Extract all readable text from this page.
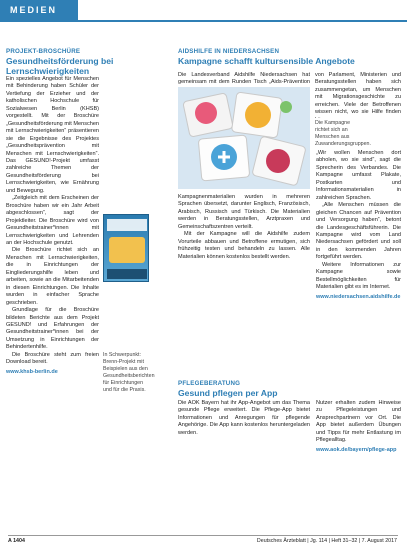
MEDIEN
PROJEKT-BROSCHÜRE
Gesundheitsförderung bei Lernschwierigkeiten

Ein spezielles Angebot für Menschen mit Behinderung haben Schüler der Vertiefung der Erzieher und der katholischen Hochschule für Sozialwesen Berlin (KHSB) vorgestellt. Mit der Broschüre „Gesundheitsförderung mit Menschen mit Lernschwierigkeiten“ präsentieren sie die Ergebnisse des Projektes „Gesundheitsprävention mit Menschen mit Lernschwierigkeiten“. Das GESUND!-Projekt umfasst zahlreiche Themen der Gesundheitsförderung bei Lernschwierigkeiten, wie Ernährung und Bewegung.

„Zeitgleich mit dem Erscheinen der Broschüre haben wir ein Jahr Arbeit abgeschlossen“, sagt der Projektleiter. Die Broschüre wird von Gesundheitstrainer*innen mit Lernschwierigkeiten und Lehrenden an der Hochschule genutzt.

Die Broschüre richtet sich an Menschen mit Lernschwierigkeiten, die in Einrichtungen der Eingliederungshilfe leben und arbeiten, sowie an die Mitarbeitenden in diesen Einrichtungen. Die Inhalte wurden in einfacher Sprache geschrieben.

Grundlage für die Broschüre bildeten Berichte aus dem Projekt GESUND! und Erfahrungen der Gesundheitstrainer*innen bei der Umsetzung in Einrichtungen der Behindertenhilfe.

Die Broschüre steht zum freien Download bereit.

www.khsb-berlin.de
In Schwerpunkt: Brenn-Projekt mit Beispielen aus den Gesundheitsberichten für Einrichtungen und für die Praxis.
AIDSHILFE IN NIEDERSACHSEN
Kampagne schafft kultursensible Angebote

Die Landesverband Aidshilfe Niedersachsen hat gemeinsam mit dem Runden Tisch „Aids-Prävention

Die Kampagne richtet sich an Menschen aus Zuwanderungsgruppen.

von Parlament, Ministerien und Beratungsstellen haben sich zusammengetan, um Menschen mit Migrationsgeschichte zu erreichen. Viele der Betroffenen wissen nicht, wo sie Hilfe finden

„Wir wollen Menschen dort abholen, wo sie sind“, sagt die Sprecherin des Verbandes. Die Kampagne umfasst Plakate, Postkarten und Informationsmaterialien in zahlreichen Sprachen.

„Alle Menschen müssen die gleichen Chancen auf Prävention und Versorgung haben“, betont die Landesgeschäftsführerin. Die Kampagne wird vom Land Niedersachsen gefördert und soll in den kommenden Jahren fortgeführt werden.

Weitere Informationen zur Kampagne sowie Bestellmöglichkeiten für Materialien gibt es im Internet.

www.niedersachsen.aidshilfe.de

Kampagnenmaterialien wurden in mehreren Sprachen übersetzt, darunter Englisch, Französisch, Arabisch, Russisch und Türkisch. Die Materialien werden in Beratungsstellen, Arztpraxen und Gemeinschaftszentren verteilt.

Mit der Kampagne will die Aidshilfe zudem Vorurteile abbauen und Betroffene ermutigen, sich frühzeitig testen und behandeln zu lassen. Alle Materialien können kostenlos bestellt werden.

PFLEGEBERATUNG
Gesund pflegen per App

Die AOK Bayern hat ihr App-Angebot um das Thema gesunde Pflege erweitert. Die Pflege-App bietet Informationen und Anregungen für pflegende Angehörige. Die App kann kostenlos heruntergeladen werden.

Nutzer erhalten zudem Hinweise zu Pflegeleistungen und Ansprechpartnern vor Ort. Die App bietet außerdem Übungen und Tipps für mehr Entlastung im Pflegealltag.

www.aok.de/bayern/pflege-app
A 1404	Deutsches Ärzteblatt | Jg. 114 | Heft 31–32 | 7. August 2017
